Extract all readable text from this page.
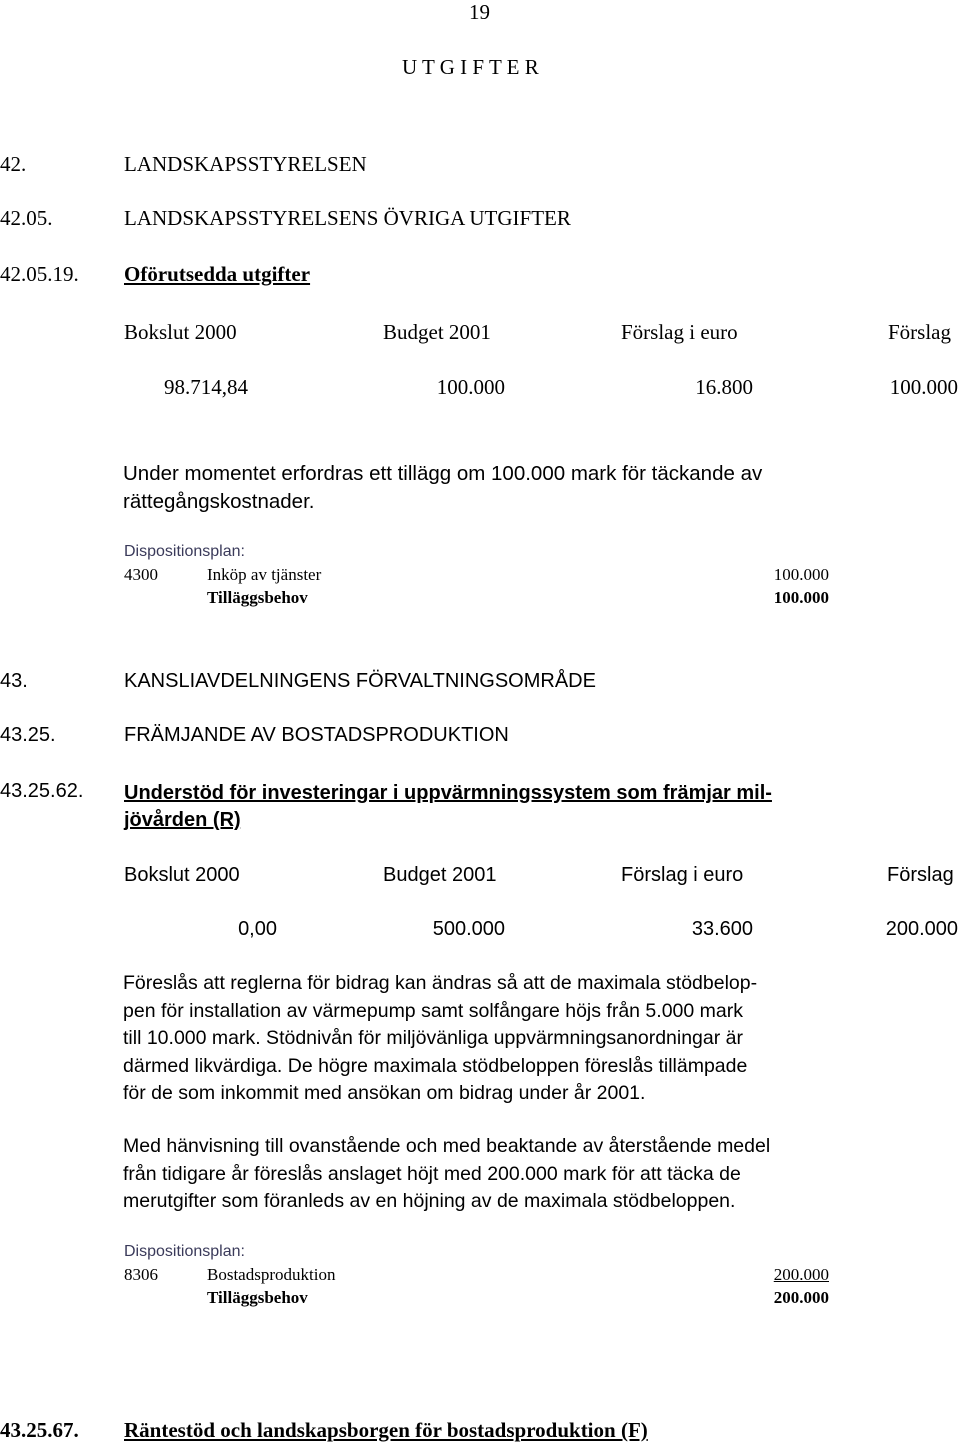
19
U T G I F T E R
42.	LANDSKAPSSTYRELSEN
42.05.	LANDSKAPSSTYRELSENS ÖVRIGA UTGIFTER
42.05.19. Oförutsedda utgifter
Bokslut 2000	Budget 2001	Förslag i euro	Förslag
98.714,84	100.000	16.800	100.000
Under momentet erfordras ett tillägg om 100.000 mark för täckande av
rättegångskostnader.
Dispositionsplan:
4300	Inköp av tjänster	100.000
Tilläggsbehov	100.000
43.	KANSLIAVDELNINGENS FÖRVALTNINGSOMRÅDE
43.25.	FRÄMJANDE AV BOSTADSPRODUKTION
43.25.62. Understöd för investeringar i uppvärmningssystem som främjar mil-
jövården (R)
Bokslut 2000	Budget 2001	Förslag i euro	Förslag
0,00	500.000	33.600	200.000
Föreslås att reglerna för bidrag kan ändras så att de maximala stödbelop-
pen för installation av värmepump samt solfångare höjs från 5.000 mark
till 10.000 mark. Stödnivån för miljövänliga uppvärmningsanordningar är
därmed likvärdiga. De högre maximala stödbeloppen föreslås tillämpade
för de som inkommit med ansökan om bidrag under år 2001.
Med hänvisning till ovanstående och med beaktande av återstående medel
från tidigare år föreslås anslaget höjt med 200.000 mark för att täcka de
merutgifter som föranleds av en höjning av de maximala stödbeloppen.
Dispositionsplan:
8306	Bostadsproduktion	200.000
Tilläggsbehov	200.000
43.25.67. Räntestöd och landskapsborgen för bostadsproduktion (F)
